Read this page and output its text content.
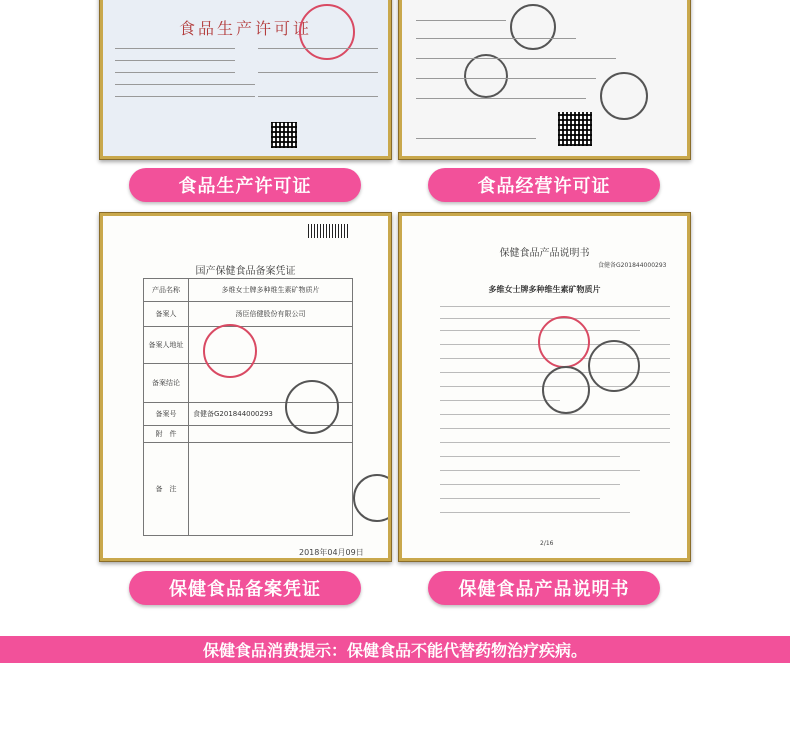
食品生产许可证
食品生产许可证	食品经营许可证
国产保健食品备案凭证
产品名称	多维女士牌多种维生素矿物质片
备案人	汤臣倍健股份有限公司
备案人地址
备案结论
备案号	食健备G201844000293
附　件
备　注
2018年04月09日
保健食品产品说明书
食健备G201844000293
多维女士牌多种维生素矿物质片
2/16
保健食品备案凭证	保健食品产品说明书
保健食品消费提示：保健食品不能代替药物治疗疾病。
